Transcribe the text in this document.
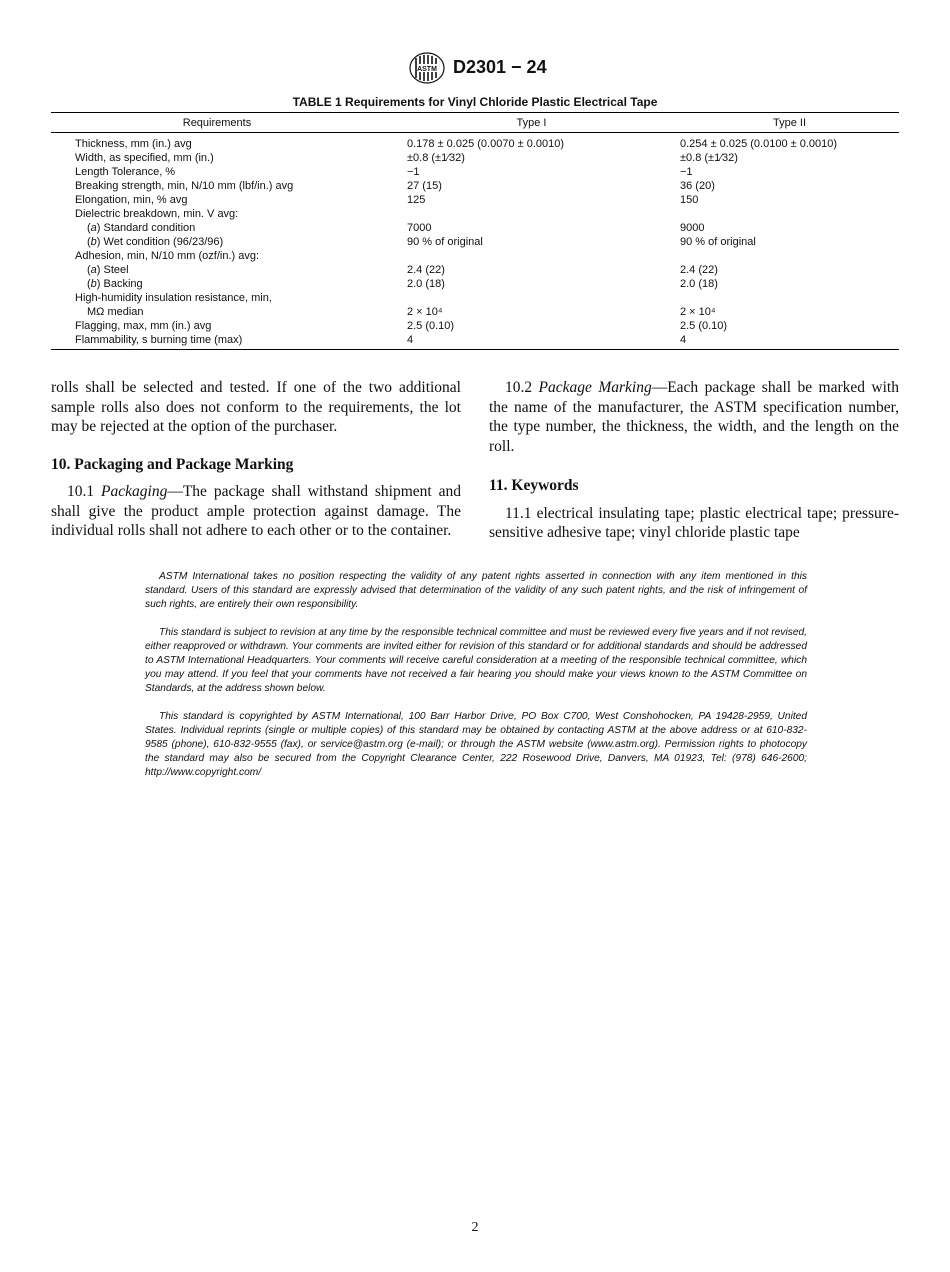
ASTM D2301 − 24
TABLE 1 Requirements for Vinyl Chloride Plastic Electrical Tape
Requirements	Type I	Type II
Thickness, mm (in.) avg	0.178 ± 0.025 (0.0070 ± 0.0010)	0.254 ± 0.025 (0.0100 ± 0.0010)
Width, as specified, mm (in.)	±0.8 (±1⁄32)	±0.8 (±1⁄32)
Length Tolerance, %	−1	−1
Breaking strength, min, N/10 mm (lbf/in.) avg	27 (15)	36 (20)
Elongation, min, % avg	125	150
Dielectric breakdown, min. V avg:		
(a) Standard condition	7000	9000
(b) Wet condition (96/23/96)	90 % of original	90 % of original
Adhesion, min, N/10 mm (ozf/in.) avg:		
(a) Steel	2.4 (22)	2.4 (22)
(b) Backing	2.0 (18)	2.0 (18)
High-humidity insulation resistance, min,		
MΩ median	2 × 10⁴	2 × 10⁴
Flagging, max, mm (in.) avg	2.5 (0.10)	2.5 (0.10)
Flammability, s burning time (max)	4	4

rolls shall be selected and tested. If one of the two additional sample rolls also does not conform to the requirements, the lot may be rejected at the option of the purchaser.

10. Packaging and Package Marking

10.1 Packaging—The package shall withstand shipment and shall give the product ample protection against damage. The individual rolls shall not adhere to each other or to the container.

10.2 Package Marking—Each package shall be marked with the name of the manufacturer, the ASTM specification number, the type number, the thickness, the width, and the length on the roll.

11. Keywords

11.1 electrical insulating tape; plastic electrical tape; pressure-sensitive adhesive tape; vinyl chloride plastic tape

ASTM International takes no position respecting the validity of any patent rights asserted in connection with any item mentioned in this standard. Users of this standard are expressly advised that determination of the validity of any such patent rights, and the risk of infringement of such rights, are entirely their own responsibility.

This standard is subject to revision at any time by the responsible technical committee and must be reviewed every five years and if not revised, either reapproved or withdrawn. Your comments are invited either for revision of this standard or for additional standards and should be addressed to ASTM International Headquarters. Your comments will receive careful consideration at a meeting of the responsible technical committee, which you may attend. If you feel that your comments have not received a fair hearing you should make your views known to the ASTM Committee on Standards, at the address shown below.

This standard is copyrighted by ASTM International, 100 Barr Harbor Drive, PO Box C700, West Conshohocken, PA 19428-2959, United States. Individual reprints (single or multiple copies) of this standard may be obtained by contacting ASTM at the above address or at 610-832-9585 (phone), 610-832-9555 (fax), or service@astm.org (e-mail); or through the ASTM website (www.astm.org). Permission rights to photocopy the standard may also be secured from the Copyright Clearance Center, 222 Rosewood Drive, Danvers, MA 01923, Tel: (978) 646-2600; http://www.copyright.com/

2
